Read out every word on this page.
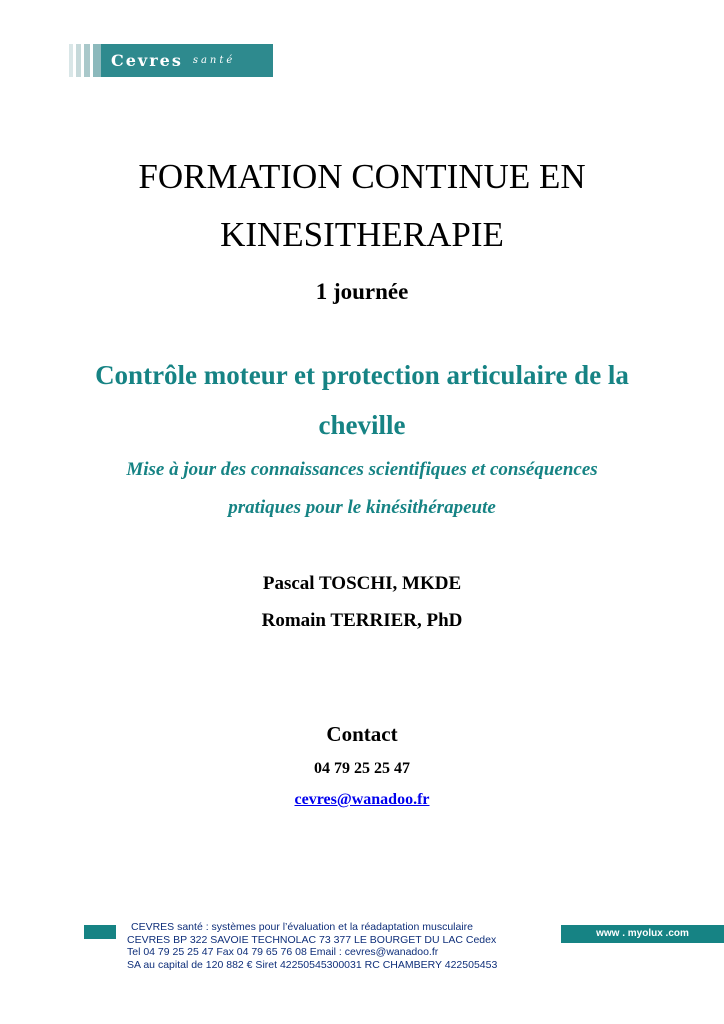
Cevres santé
FORMATION CONTINUE EN
KINESITHERAPIE
1 journée
Contrôle moteur et protection articulaire de la
cheville
Mise à jour des connaissances scientifiques et conséquences
pratiques pour le kinésithérapeute
Pascal TOSCHI, MKDE
Romain TERRIER, PhD
Contact
04 79 25 25 47
cevres@wanadoo.fr
CEVRES santé : systèmes pour l’évaluation et la réadaptation musculaire
CEVRES BP 322 SAVOIE TECHNOLAC 73 377 LE BOURGET DU LAC Cedex
Tel 04 79 25 25 47 Fax 04 79 65 76 08 Email : cevres@wanadoo.fr
SA au capital de 120 882 € Siret 42250545300031 RC CHAMBERY 422505453
www . myolux .com
